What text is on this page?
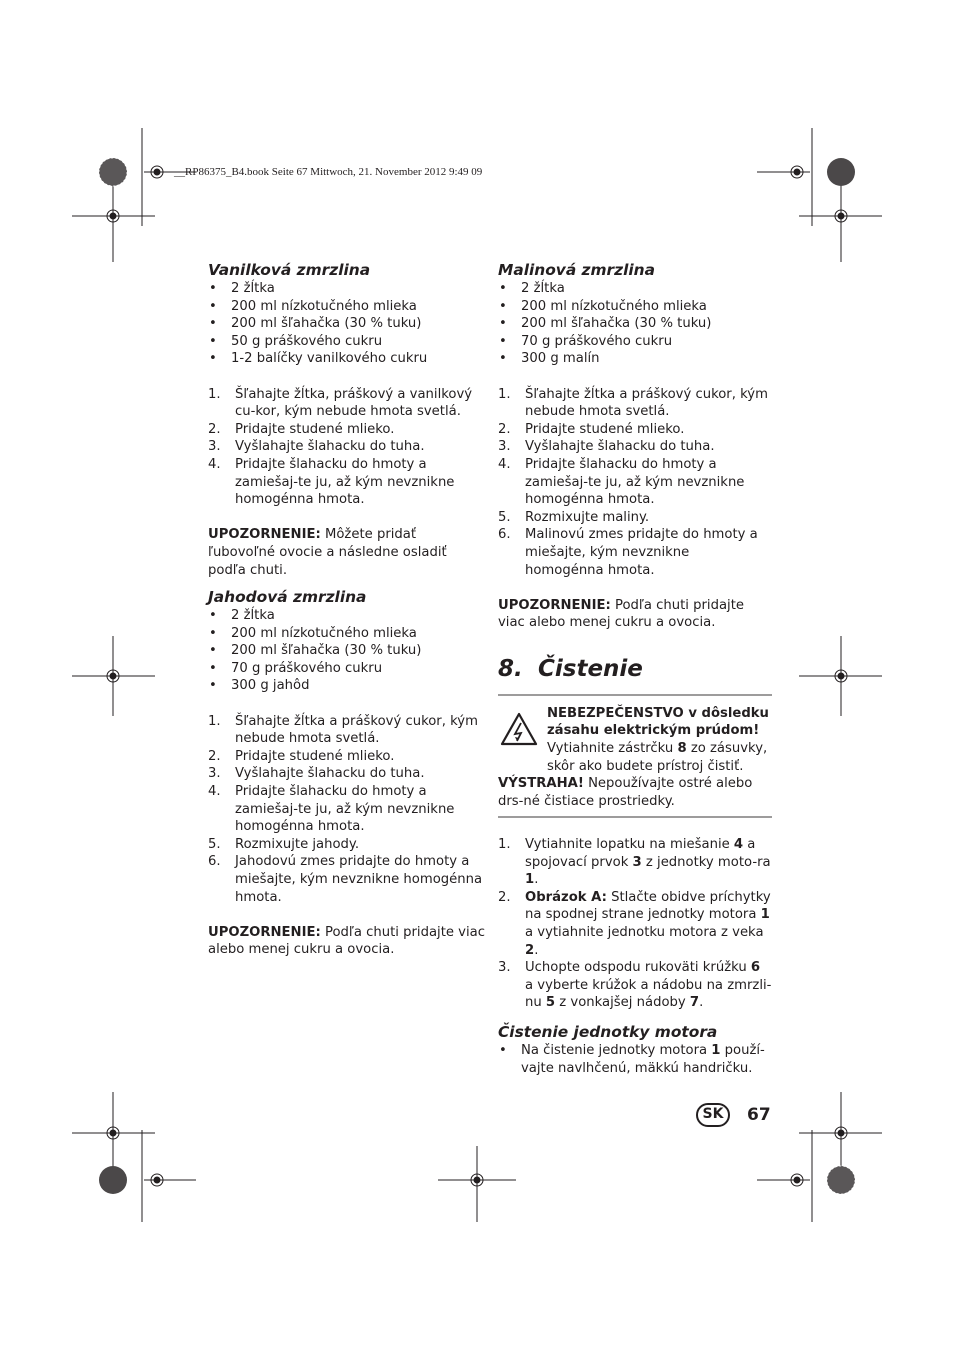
__RP86375_B4.book Seite 67 Mittwoch, 21. November 2012 9:49 09
Vanilková zmrzlina
• 2 žĺtka
• 200 ml nízkotučného mlieka
• 200 ml šľahačka (30 % tuku)
• 50 g práškového cukru
• 1-2 balíčky vanilkového cukru
1. Šľahajte žĺtka, práškový a vanilkový cu-kor, kým nebude hmota svetlá.
2. Pridajte studené mlieko.
3. Vyšlahajte šlahacku do tuha.
4. Pridajte šlahacku do hmoty a zamiešaj-te ju, až kým nevznikne homogénna hmota.

UPOZORNENIE: Môžete pridať ľubovoľné ovocie a následne osladiť podľa chuti.

Jahodová zmrzlina
• 2 žĺtka
• 200 ml nízkotučného mlieka
• 200 ml šľahačka (30 % tuku)
• 70 g práškového cukru
• 300 g jahôd
1. Šľahajte žĺtka a práškový cukor, kým nebude hmota svetlá.
2. Pridajte studené mlieko.
3. Vyšlahajte šlahacku do tuha.
4. Pridajte šlahacku do hmoty a zamiešaj-te ju, až kým nevznikne homogénna hmota.
5. Rozmixujte jahody.
6. Jahodovú zmes pridajte do hmoty a miešajte, kým nevznikne homogénna hmota.

UPOZORNENIE: Podľa chuti pridajte viac alebo menej cukru a ovocia.

Malinová zmrzlina
• 2 žĺtka
• 200 ml nízkotučného mlieka
• 200 ml šľahačka (30 % tuku)
• 70 g práškového cukru
• 300 g malín
1. Šľahajte žĺtka a práškový cukor, kým nebude hmota svetlá.
2. Pridajte studené mlieko.
3. Vyšlahajte šlahacku do tuha.
4. Pridajte šlahacku do hmoty a zamiešaj-te ju, až kým nevznikne homogénna hmota.
5. Rozmixujte maliny.
6. Malinovú zmes pridajte do hmoty a miešajte, kým nevznikne homogénna hmota.

UPOZORNENIE: Podľa chuti pridajte viac alebo menej cukru a ovocia.

8. Čistenie

NEBEZPEČENSTVO v dôsledku zásahu elektrickým prúdom!

Vytiahnite zástrčku 8 zo zásuvky, skôr ako budete prístroj čistiť.

VÝSTRAHA! Nepoužívajte ostré alebo drs-né čistiace prostriedky.

1. Vytiahnite lopatku na miešanie 4 a spojovací prvok 3 z jednotky moto-ra 1.
2. Obrázok A: Stlačte obidve príchytky na spodnej strane jednotky motora 1 a vytiahnite jednotku motora z veka 2.
3. Uchopte odspodu rukoväti krúžku 6 a vyberte krúžok a nádobu na zmrzli-nu 5 z vonkajšej nádoby 7.
Čistenie jednotky motora
• Na čistenie jednotky motora 1 použí-vajte navlhčenú, mäkkú handričku.
SK	67
